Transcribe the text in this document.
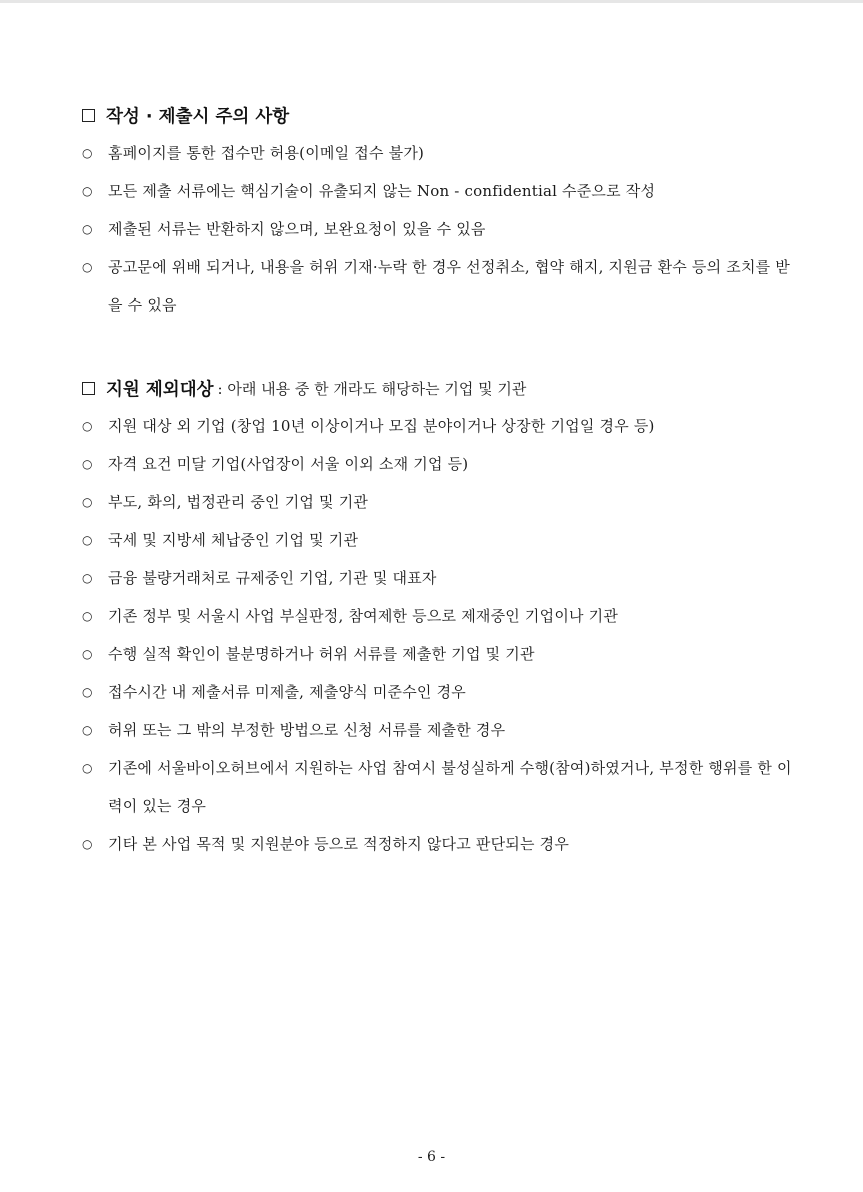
작성 · 제출시 주의 사항
○	홈페이지를 통한 접수만 허용(이메일 접수 불가)
○	모든 제출 서류에는 핵심기술이 유출되지 않는 Non - confidential 수준으로 작성
○	제출된 서류는 반환하지 않으며, 보완요청이 있을 수 있음
○	공고문에 위배 되거나, 내용을 허위 기재·누락 한 경우 선정취소, 협약 해지, 지원금 환수 등의 조치를 받을 수 있음
지원 제외대상 : 아래 내용 중 한 개라도 해당하는 기업 및 기관
○	지원 대상 외 기업 (창업 10년 이상이거나 모집 분야이거나 상장한 기업일 경우 등)
○	자격 요건 미달 기업(사업장이 서울 이외 소재 기업 등)
○	부도, 화의, 법정관리 중인 기업 및 기관
○	국세 및 지방세 체납중인 기업 및 기관
○	금융 불량거래처로 규제중인 기업, 기관 및 대표자
○	기존 정부 및 서울시 사업 부실판정, 참여제한 등으로 제재중인 기업이나 기관
○	수행 실적 확인이 불분명하거나 허위 서류를 제출한 기업 및 기관
○	접수시간 내 제출서류 미제출, 제출양식 미준수인 경우
○	허위 또는 그 밖의 부정한 방법으로 신청 서류를 제출한 경우
○	기존에 서울바이오허브에서 지원하는 사업 참여시 불성실하게 수행(참여)하였거나, 부정한 행위를 한 이력이 있는 경우
○	기타 본 사업 목적 및 지원분야 등으로 적정하지 않다고 판단되는 경우
- 6 -
